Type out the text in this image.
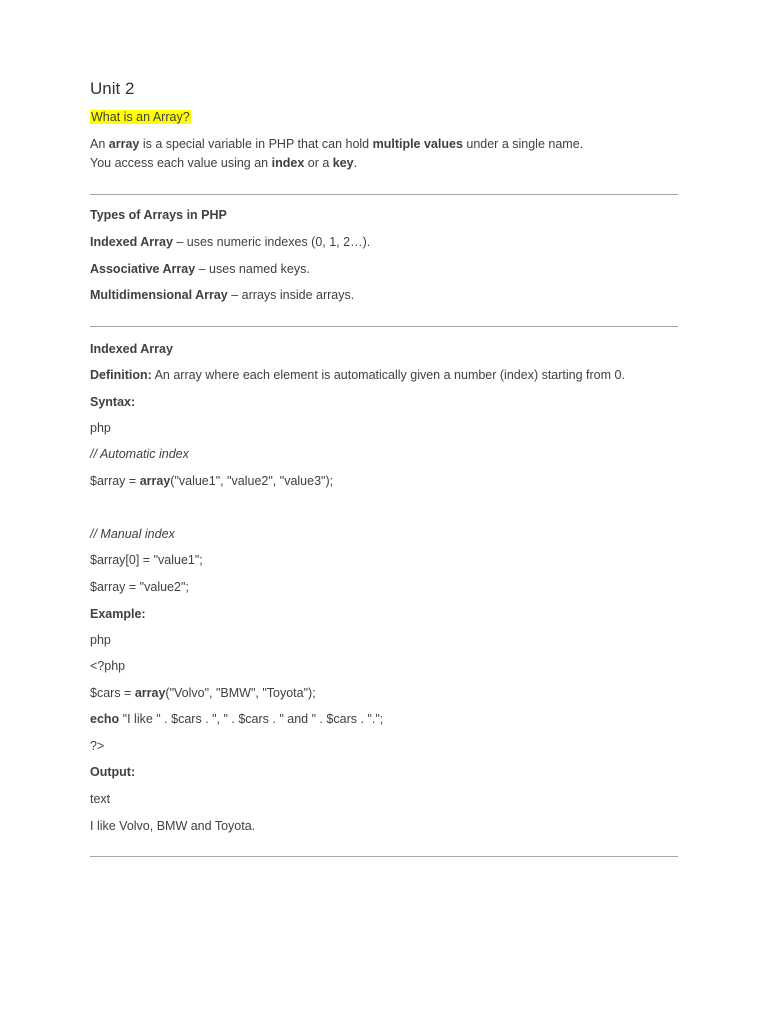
Unit 2
What is an Array?
An array is a special variable in PHP that can hold multiple values under a single name.
You access each value using an index or a key.
Types of Arrays in PHP
Indexed Array – uses numeric indexes (0, 1, 2…).
Associative Array – uses named keys.
Multidimensional Array – arrays inside arrays.
Indexed Array
Definition: An array where each element is automatically given a number (index) starting from 0.
Syntax:
php
// Automatic index
$array = array("value1", "value2", "value3");
// Manual index
$array[0] = "value1";
$array = "value2";
Example:
php
<?php
$cars = array("Volvo", "BMW", "Toyota");
echo "I like " . $cars . ", " . $cars . " and " . $cars . ".";
?>
Output:
text
I like Volvo, BMW and Toyota.
